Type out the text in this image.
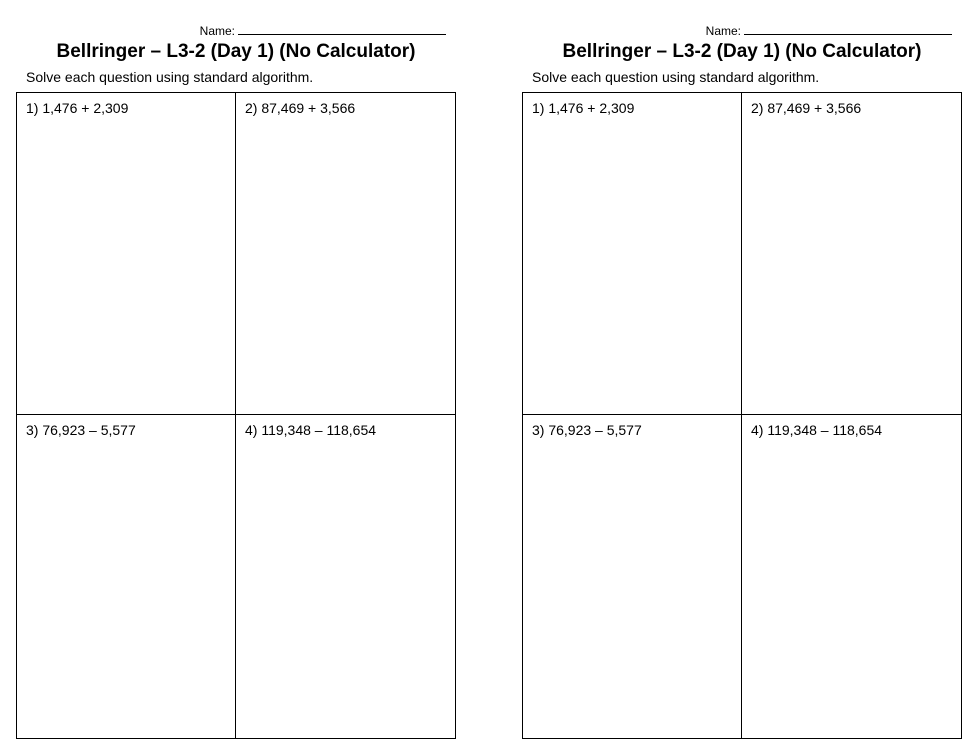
Name:
Bellringer – L3-2 (Day 1) (No Calculator)
Solve each question using standard algorithm.
1) 1,476 + 2,309	2) 87,469 + 3,566
3) 76,923 – 5,577	4) 119,348 – 118,654
Name:
Bellringer – L3-2 (Day 1) (No Calculator)
Solve each question using standard algorithm.
1) 1,476 + 2,309	2) 87,469 + 3,566
3) 76,923 – 5,577	4) 119,348 – 118,654
